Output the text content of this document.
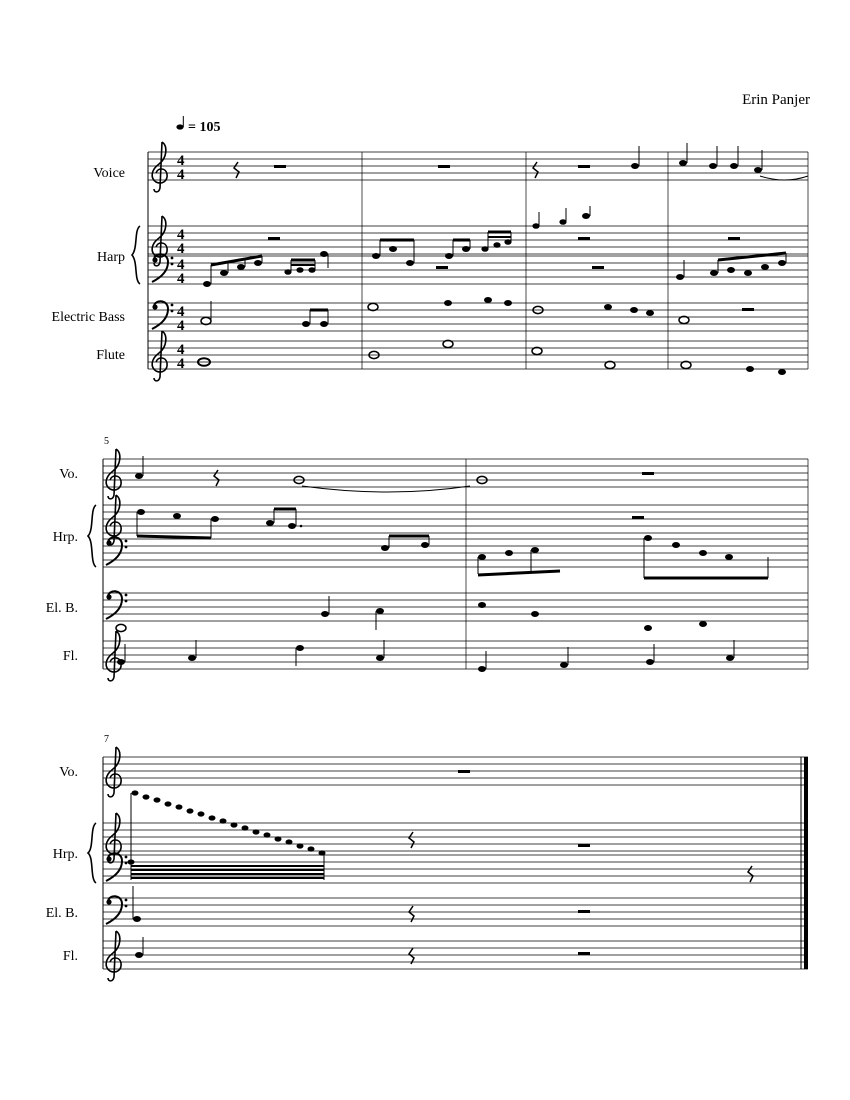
Erin Panjer
4
4
4
4
4
4
4
4
4
4
= 105
Voice
Harp
Electric Bass
Flute
5
Vo.
Hrp.
El. B.
Fl.
7
Vo.
Hrp.
El. B.
Fl.
